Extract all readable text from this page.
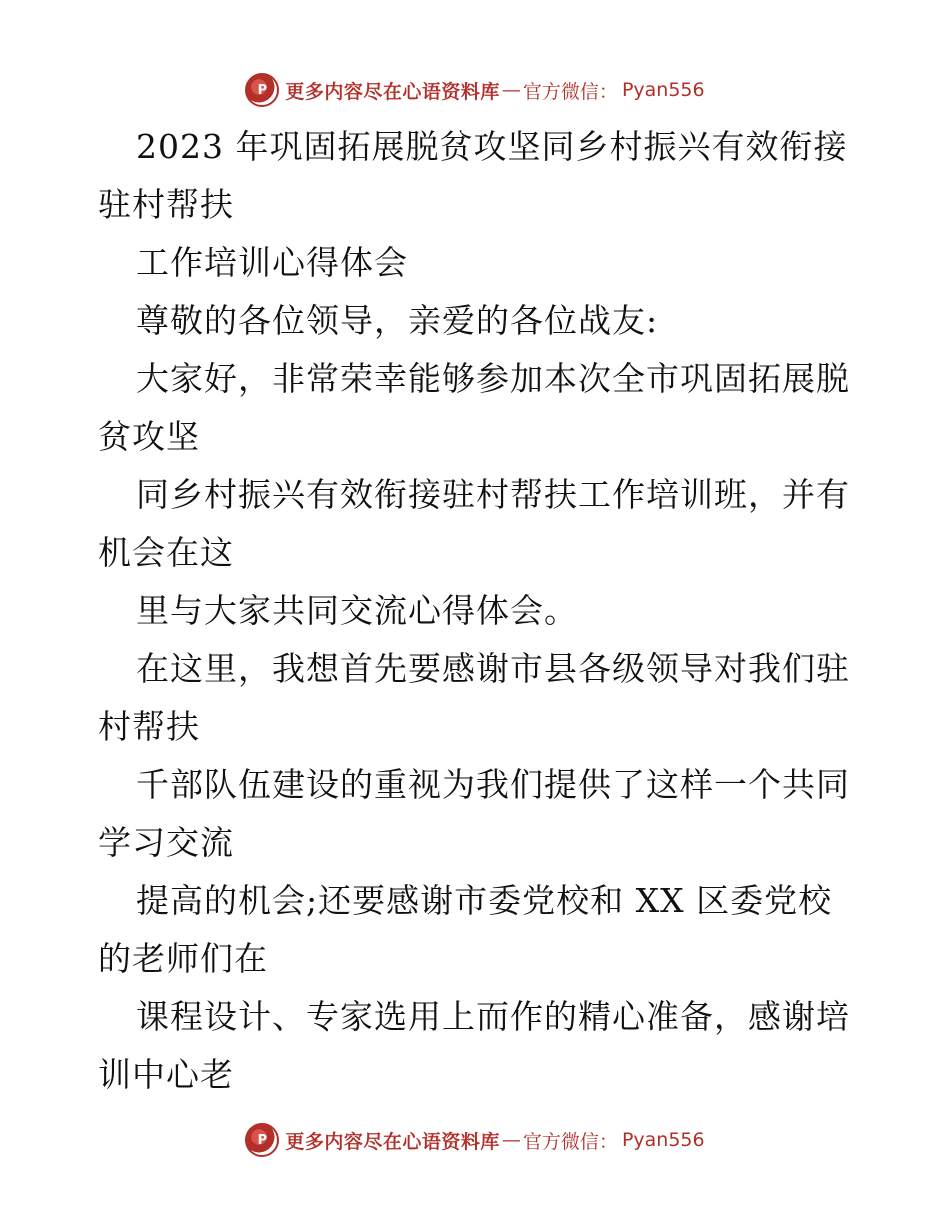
P 更多内容尽在心语资料库 — 官方微信： Pyan556
2023 年巩固拓展脱贫攻坚同乡村振兴有效衔接
驻村帮扶
工作培训心得体会
尊敬的各位领导，亲爱的各位战友:
大家好，非常荣幸能够参加本次全市巩固拓展脱
贫攻坚
同乡村振兴有效衔接驻村帮扶工作培训班，并有
机会在这
里与大家共同交流心得体会。
在这里，我想首先要感谢市县各级领导对我们驻
村帮扶
千部队伍建设的重视为我们提供了这样一个共同
学习交流
提高的机会;还要感谢市委党校和 XX 区委党校
的老师们在
课程设计、专家选用上而作的精心准备，感谢培
训中心老
P 更多内容尽在心语资料库 — 官方微信： Pyan556
